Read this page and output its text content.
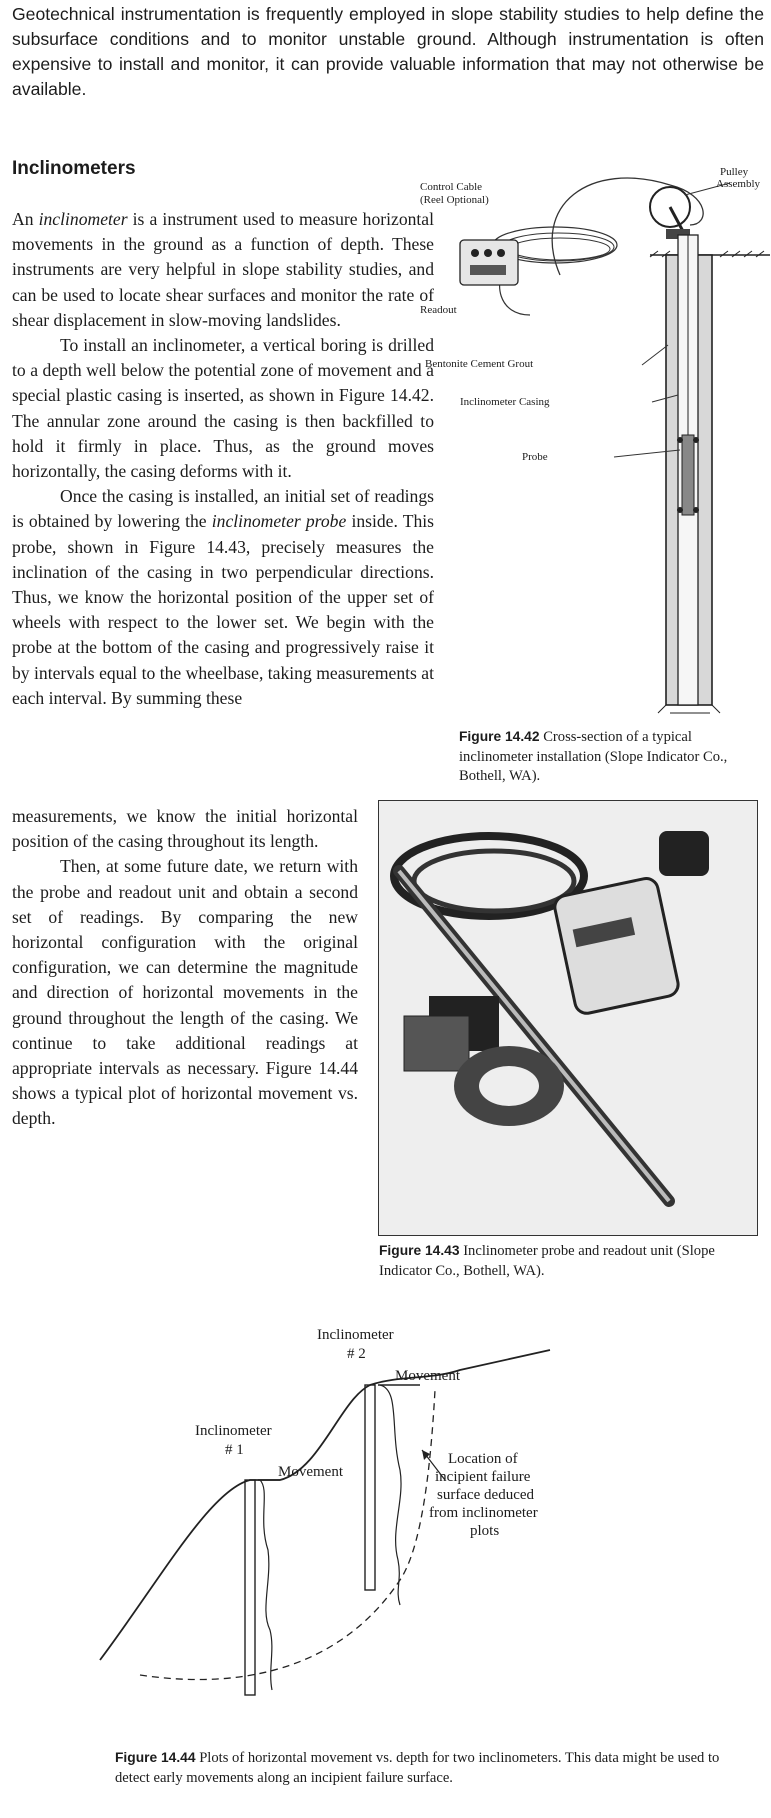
Geotechnical instrumentation is frequently employed in slope stability studies to help define the subsurface conditions and to monitor unstable ground. Although instrumentation is often expensive to install and monitor, it can provide valuable information that may not otherwise be available.

Inclinometers

An inclinometer is a instrument used to measure horizontal movements in the ground as a function of depth. These instruments are very helpful in slope stability studies, and can be used to locate shear surfaces and monitor the rate of shear displacement in slow-moving landslides.

To install an inclinometer, a vertical boring is drilled to a depth well below the potential zone of movement and a special plastic casing is inserted, as shown in Figure 14.42. The annular zone around the casing is then backfilled to hold it firmly in place. Thus, as the ground moves horizontally, the casing deforms with it.

Once the casing is installed, an initial set of readings is obtained by lowering the inclinometer probe inside. This probe, shown in Figure 14.43, precisely measures the inclination of the casing in two perpendicular directions. Thus, we know the horizontal position of the upper set of wheels with respect to the lower set. We begin with the probe at the bottom of the casing and progressively raise it by intervals equal to the wheelbase, taking measurements at each interval. By summing these

measurements, we know the initial horizontal position of the casing throughout its length.

Then, at some future date, we return with the probe and readout unit and obtain a second set of readings. By comparing the new horizontal configuration with the original configuration, we can determine the magnitude and direction of horizontal movements in the ground throughout the length of the casing. We continue to take additional readings at appropriate intervals as necessary. Figure 14.44 shows a typical plot of horizontal movement vs. depth.

Pulley
Assembly
Control Cable
(Reel Optional)
Readout
Bentonite Cement Grout
Inclinometer Casing
Probe

Figure 14.42 Cross-section of a typical inclinometer installation (Slope Indicator Co., Bothell, WA).

Figure 14.43 Inclinometer probe and readout unit (Slope Indicator Co., Bothell, WA).

Inclinometer
# 1
Inclinometer
# 2
Movement
Movement
Location of
incipient failure
surface deduced
from inclinometer
plots

Figure 14.44 Plots of horizontal movement vs. depth for two inclinometers. This data might be used to detect early movements along an incipient failure surface.
